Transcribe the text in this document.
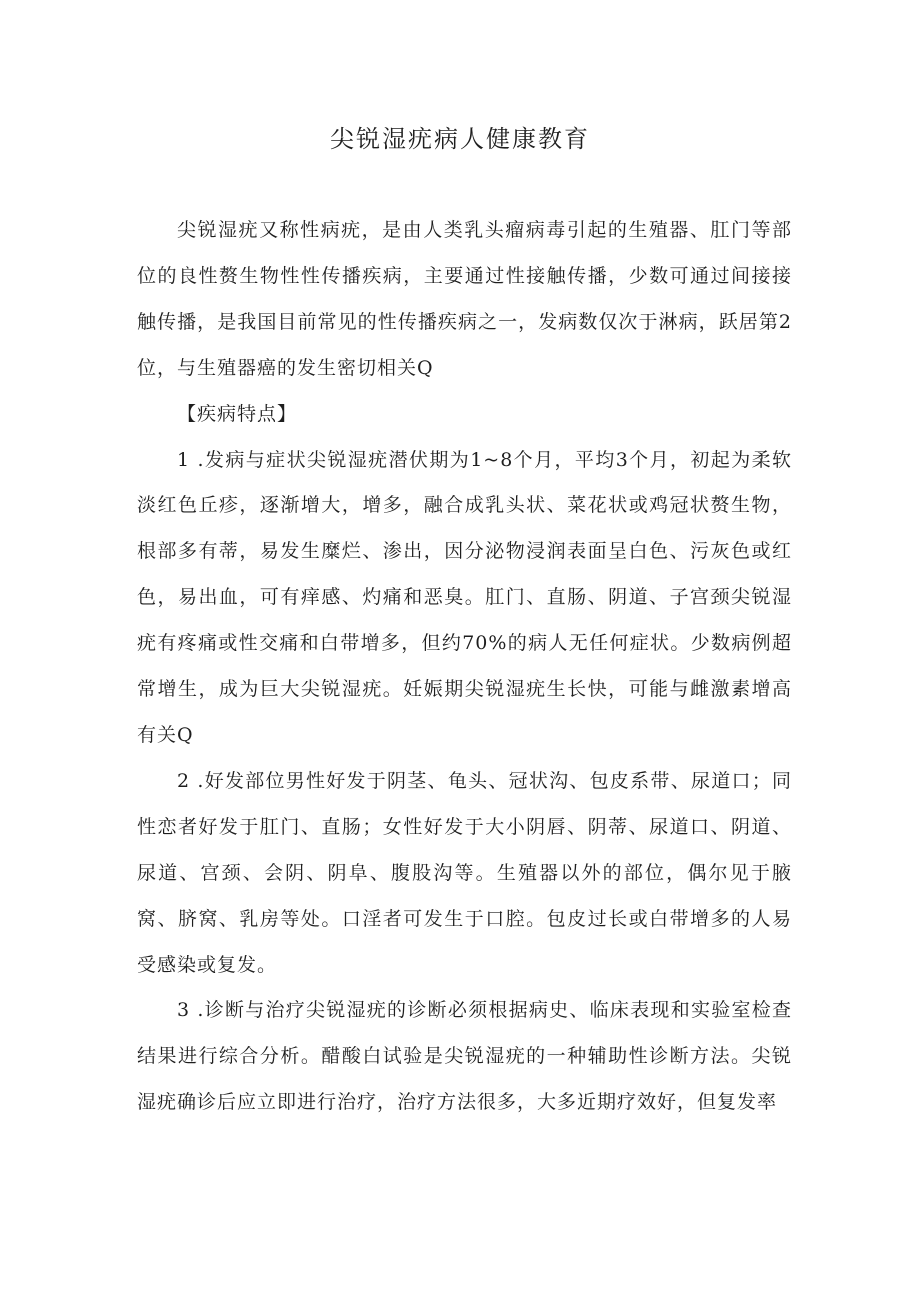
尖锐湿疣病人健康教育

尖锐湿疣又称性病疣，是由人类乳头瘤病毒引起的生殖器、肛门等部位的良性赘生物性性传播疾病，主要通过性接触传播，少数可通过间接接触传播，是我国目前常见的性传播疾病之一，发病数仅次于淋病，跃居第2位，与生殖器癌的发生密切相关Q

【疾病特点】

1 .发病与症状尖锐湿疣潜伏期为1~8个月，平均3个月，初起为柔软淡红色丘疹，逐渐增大，增多，融合成乳头状、菜花状或鸡冠状赘生物，根部多有蒂，易发生糜烂、渗出，因分泌物浸润表面呈白色、污灰色或红色，易出血，可有痒感、灼痛和恶臭。肛门、直肠、阴道、子宫颈尖锐湿疣有疼痛或性交痛和白带增多，但约70%的病人无任何症状。少数病例超常增生，成为巨大尖锐湿疣。妊娠期尖锐湿疣生长快，可能与雌激素增高有关Q

2 .好发部位男性好发于阴茎、龟头、冠状沟、包皮系带、尿道口；同性恋者好发于肛门、直肠；女性好发于大小阴唇、阴蒂、尿道口、阴道、尿道、宫颈、会阴、阴阜、腹股沟等。生殖器以外的部位，偶尔见于腋窝、脐窝、乳房等处。口淫者可发生于口腔。包皮过长或白带增多的人易受感染或复发。

3 .诊断与治疗尖锐湿疣的诊断必须根据病史、临床表现和实验室检查结果进行综合分析。醋酸白试验是尖锐湿疣的一种辅助性诊断方法。尖锐湿疣确诊后应立即进行治疗，治疗方法很多，大多近期疗效好，但复发率
